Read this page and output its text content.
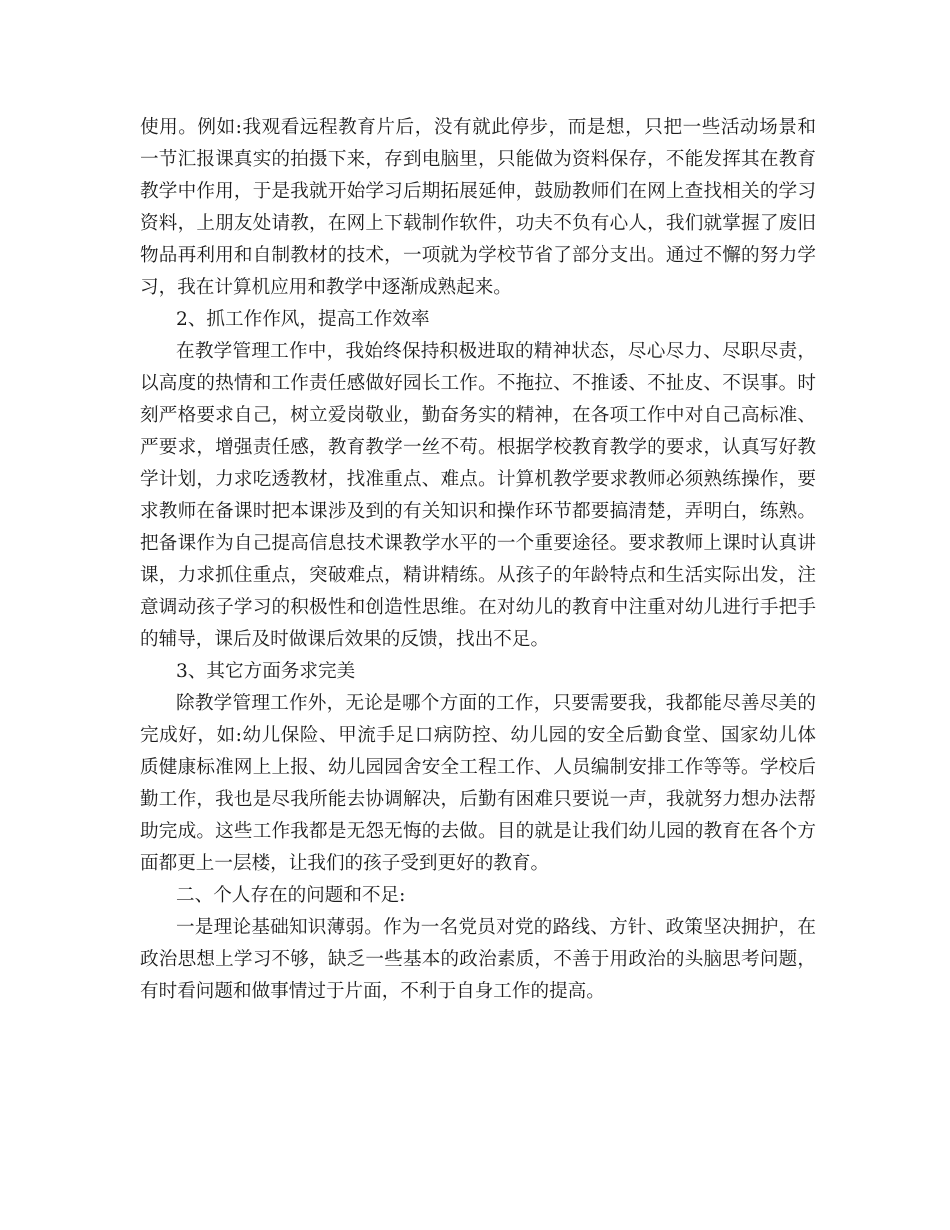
使用。例如:我观看远程教育片后，没有就此停步，而是想，只把一些活动场景和
一节汇报课真实的拍摄下来，存到电脑里，只能做为资料保存，不能发挥其在教育
教学中作用，于是我就开始学习后期拓展延伸，鼓励教师们在网上查找相关的学习
资料，上朋友处请教，在网上下载制作软件，功夫不负有心人，我们就掌握了废旧
物品再利用和自制教材的技术，一项就为学校节省了部分支出。通过不懈的努力学
习，我在计算机应用和教学中逐渐成熟起来。
2、抓工作作风，提高工作效率
在教学管理工作中，我始终保持积极进取的精神状态，尽心尽力、尽职尽责，
以高度的热情和工作责任感做好园长工作。不拖拉、不推诿、不扯皮、不误事。时
刻严格要求自己，树立爱岗敬业，勤奋务实的精神，在各项工作中对自己高标准、
严要求，增强责任感，教育教学一丝不苟。根据学校教育教学的要求，认真写好教
学计划，力求吃透教材，找准重点、难点。计算机教学要求教师必须熟练操作，要
求教师在备课时把本课涉及到的有关知识和操作环节都要搞清楚，弄明白，练熟。
把备课作为自己提高信息技术课教学水平的一个重要途径。要求教师上课时认真讲
课，力求抓住重点，突破难点，精讲精练。从孩子的年龄特点和生活实际出发，注
意调动孩子学习的积极性和创造性思维。在对幼儿的教育中注重对幼儿进行手把手
的辅导，课后及时做课后效果的反馈，找出不足。
3、其它方面务求完美
除教学管理工作外，无论是哪个方面的工作，只要需要我，我都能尽善尽美的
完成好，如:幼儿保险、甲流手足口病防控、幼儿园的安全后勤食堂、国家幼儿体
质健康标准网上上报、幼儿园园舍安全工程工作、人员编制安排工作等等。学校后
勤工作，我也是尽我所能去协调解决，后勤有困难只要说一声，我就努力想办法帮
助完成。这些工作我都是无怨无悔的去做。目的就是让我们幼儿园的教育在各个方
面都更上一层楼，让我们的孩子受到更好的教育。
二、个人存在的问题和不足:
一是理论基础知识薄弱。作为一名党员对党的路线、方针、政策坚决拥护，在
政治思想上学习不够，缺乏一些基本的政治素质，不善于用政治的头脑思考问题，
有时看问题和做事情过于片面，不利于自身工作的提高。
